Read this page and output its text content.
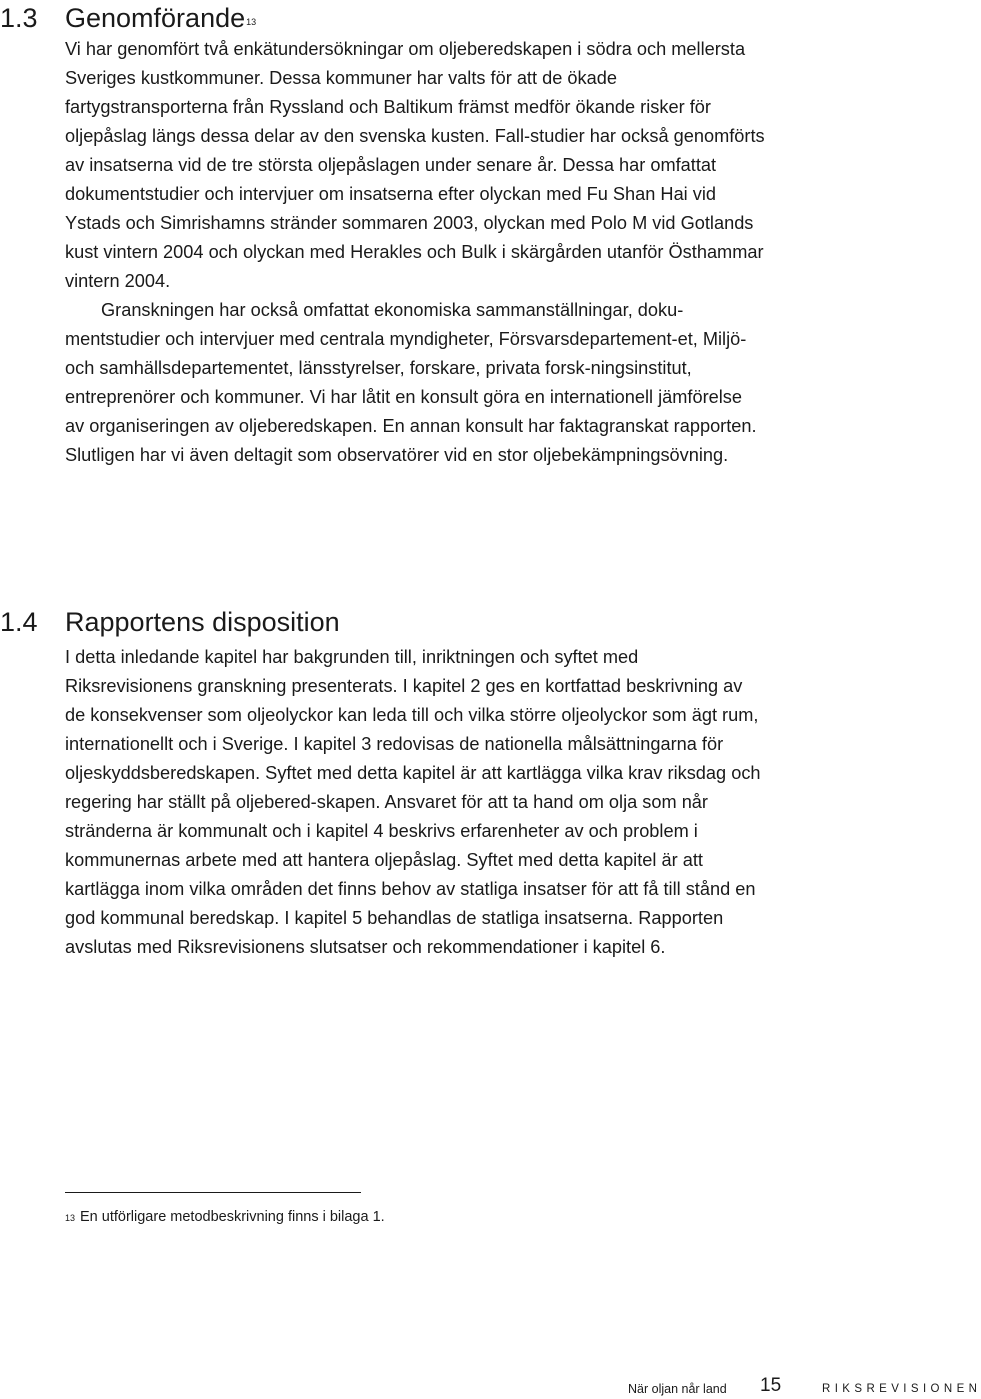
1.3 Genomförande$^{13}$

Vi har genomfört två enkätundersökningar om oljeberedskapen i södra och mellersta Sveriges kustkommuner. Dessa kommuner har valts för att de ökade fartygstransporterna från Ryssland och Baltikum främst medför ökande risker för oljepåslag längs dessa delar av den svenska kusten. Fall-studier har också genomförts av insatserna vid de tre största oljepåslagen under senare år. Dessa har omfattat dokumentstudier och intervjuer om insatserna efter olyckan med Fu Shan Hai vid Ystads och Simrishamns stränder sommaren 2003, olyckan med Polo M vid Gotlands kust vintern 2004 och olyckan med Herakles och Bulk i skärgården utanför Östhammar vintern 2004.

Granskningen har också omfattat ekonomiska sammanställningar, doku-mentstudier och intervjuer med centrala myndigheter, Försvarsdepartement-et, Miljö- och samhällsdepartementet, länsstyrelser, forskare, privata forsk-ningsinstitut, entreprenörer och kommuner. Vi har låtit en konsult göra en internationell jämförelse av organiseringen av oljeberedskapen. En annan konsult har faktagranskat rapporten. Slutligen har vi även deltagit som observatörer vid en stor oljebekämpningsövning.

1.4 Rapportens disposition

I detta inledande kapitel har bakgrunden till, inriktningen och syftet med Riksrevisionens granskning presenterats. I kapitel 2 ges en kortfattad beskrivning av de konsekvenser som oljeolyckor kan leda till och vilka större oljeolyckor som ägt rum, internationellt och i Sverige. I kapitel 3 redovisas de nationella målsättningarna för oljeskyddsberedskapen. Syftet med detta kapitel är att kartlägga vilka krav riksdag och regering har ställt på oljebered-skapen. Ansvaret för att ta hand om olja som når stränderna är kommunalt och i kapitel 4 beskrivs erfarenheter av och problem i kommunernas arbete med att hantera oljepåslag. Syftet med detta kapitel är att kartlägga inom vilka områden det finns behov av statliga insatser för att få till stånd en god kommunal beredskap. I kapitel 5 behandlas de statliga insatserna. Rapporten avslutas med Riksrevisionens slutsatser och rekommendationer i kapitel 6.

$^{13}$ En utförligare metodbeskrivning finns i bilaga 1.
När oljan når land 15	RIKSREVISIONEN
